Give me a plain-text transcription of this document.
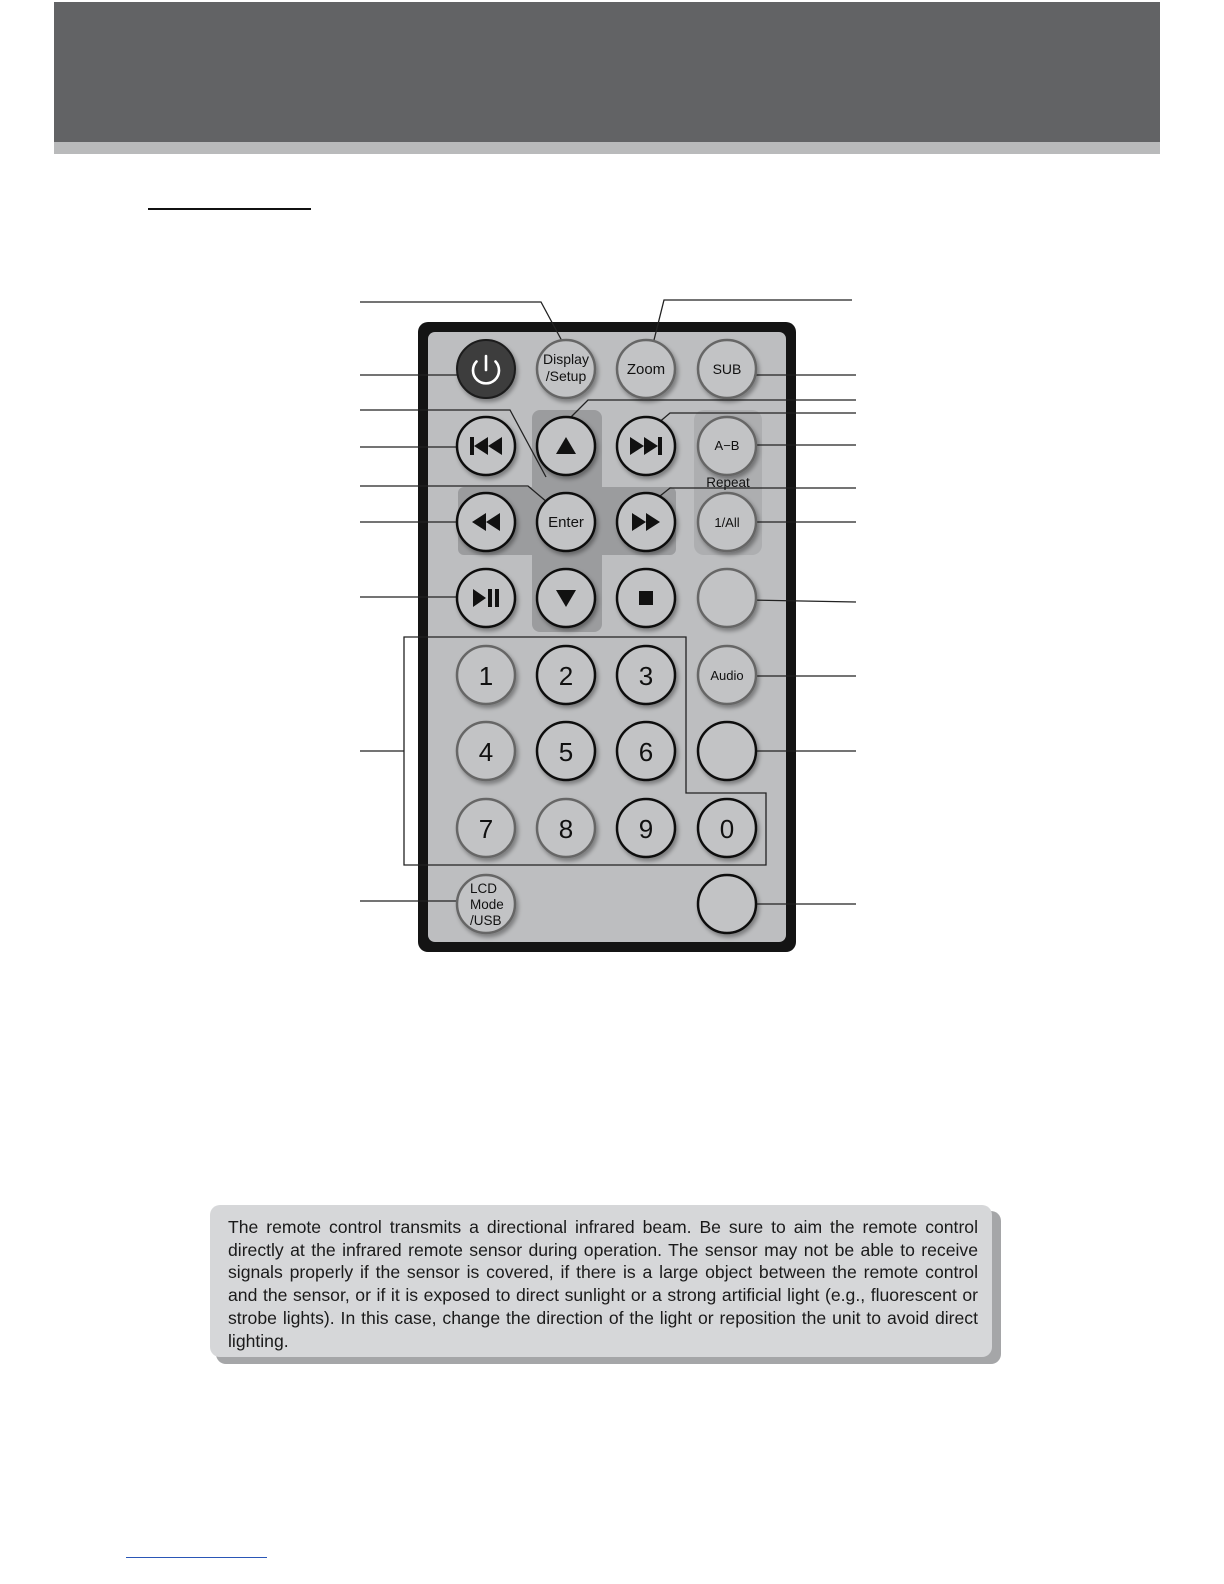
Display
/Setup	Zoom	SUB
A−B
Repeat
Enter	1/All
1	2	3	Audio
4	5	6
7	8	9	0
LCD
Mode
/USB

The remote control transmits a directional infrared beam. Be sure to aim the remote control directly at the infrared remote sensor during operation. The sensor may not be able to receive signals properly if the sensor is covered, if there is a large object between the remote control and the sensor, or if it is exposed to direct sunlight or a strong artificial light (e.g., fluorescent or strobe lights). In this case, change the direction of the light or reposition the unit to avoid direct lighting.
